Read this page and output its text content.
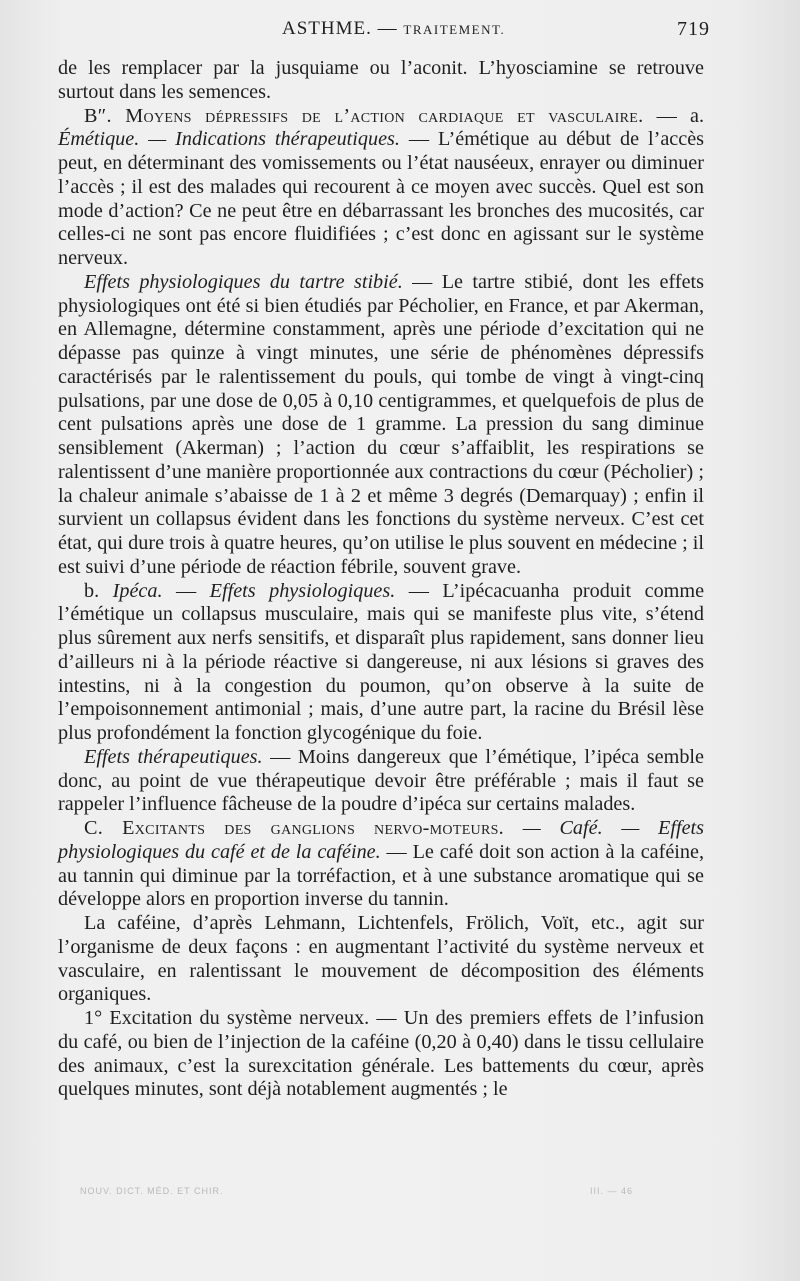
ASTHME. — TRAITEMENT.	719

de les remplacer par la jusquiame ou l’aconit. L’hyoscіamine se retrouve surtout dans les semences.

B″. Moyens dépressifs de l’action cardiaque et vasculaire. — a. Émétique. — Indications thérapeutiques. — L’émétique au début de l’accès peut, en déterminant des vomissements ou l’état nauséeux, enrayer ou diminuer l’accès ; il est des malades qui recourent à ce moyen avec succès. Quel est son mode d’action? Ce ne peut être en débarrassant les bronches des mucosités, car celles-ci ne sont pas encore fluidifiées ; c’est donc en agissant sur le système nerveux.

Effets physiologiques du tartre stibié. — Le tartre stibié, dont les effets physiologiques ont été si bien étudiés par Pécholier, en France, et par Akerman, en Allemagne, détermine constamment, après une période d’excitation qui ne dépasse pas quinze à vingt minutes, une série de phénomènes dépressifs caractérisés par le ralentissement du pouls, qui tombe de vingt à vingt-cinq pulsations, par une dose de 0,05 à 0,10 centigrammes, et quelquefois de plus de cent pulsations après une dose de 1 gramme. La pression du sang diminue sensiblement (Akerman) ; l’action du cœur s’affaiblit, les respirations se ralentissent d’une manière proportionnée aux contractions du cœur (Pécholier) ; la chaleur animale s’abaisse de 1 à 2 et même 3 degrés (Demarquay) ; enfin il survient un collapsus évident dans les fonctions du système nerveux. C’est cet état, qui dure trois à quatre heures, qu’on utilise le plus souvent en médecine ; il est suivi d’une période de réaction fébrile, souvent grave.

b. Ipéca. — Effets physiologiques. — L’ipécacuanha produit comme l’émétique un collapsus musculaire, mais qui se manifeste plus vite, s’étend plus sûrement aux nerfs sensitifs, et disparaît plus rapidement, sans donner lieu d’ailleurs ni à la période réactive si dangereuse, ni aux lésions si graves des intestins, ni à la congestion du poumon, qu’on observe à la suite de l’empoisonnement antimonial ; mais, d’une autre part, la racine du Brésil lèse plus profondément la fonction glycogénique du foie.

Effets thérapeutiques. — Moins dangereux que l’émétique, l’ipéca semble donc, au point de vue thérapeutique devoir être préférable ; mais il faut se rappeler l’influence fâcheuse de la poudre d’ipéca sur certains malades.

C. Excitants des ganglions nervo-moteurs. — Café. — Effets physiologiques du café et de la caféine. — Le café doit son action à la caféine, au tannin qui diminue par la torréfaction, et à une substance aromatique qui se développe alors en proportion inverse du tannin.

La caféine, d’après Lehmann, Lichtenfels, Frölich, Voït, etc., agit sur l’organisme de deux façons : en augmentant l’activité du système nerveux et vasculaire, en ralentissant le mouvement de décomposition des éléments organiques.

1° Excitation du système nerveux. — Un des premiers effets de l’infusion du café, ou bien de l’injection de la caféine (0,20 à 0,40) dans le tissu cellulaire des animaux, c’est la surexcitation générale. Les battements du cœur, après quelques minutes, sont déjà notablement augmentés ; le

NOUV. DICT. MÉD. ET CHIR.	III. — 46
